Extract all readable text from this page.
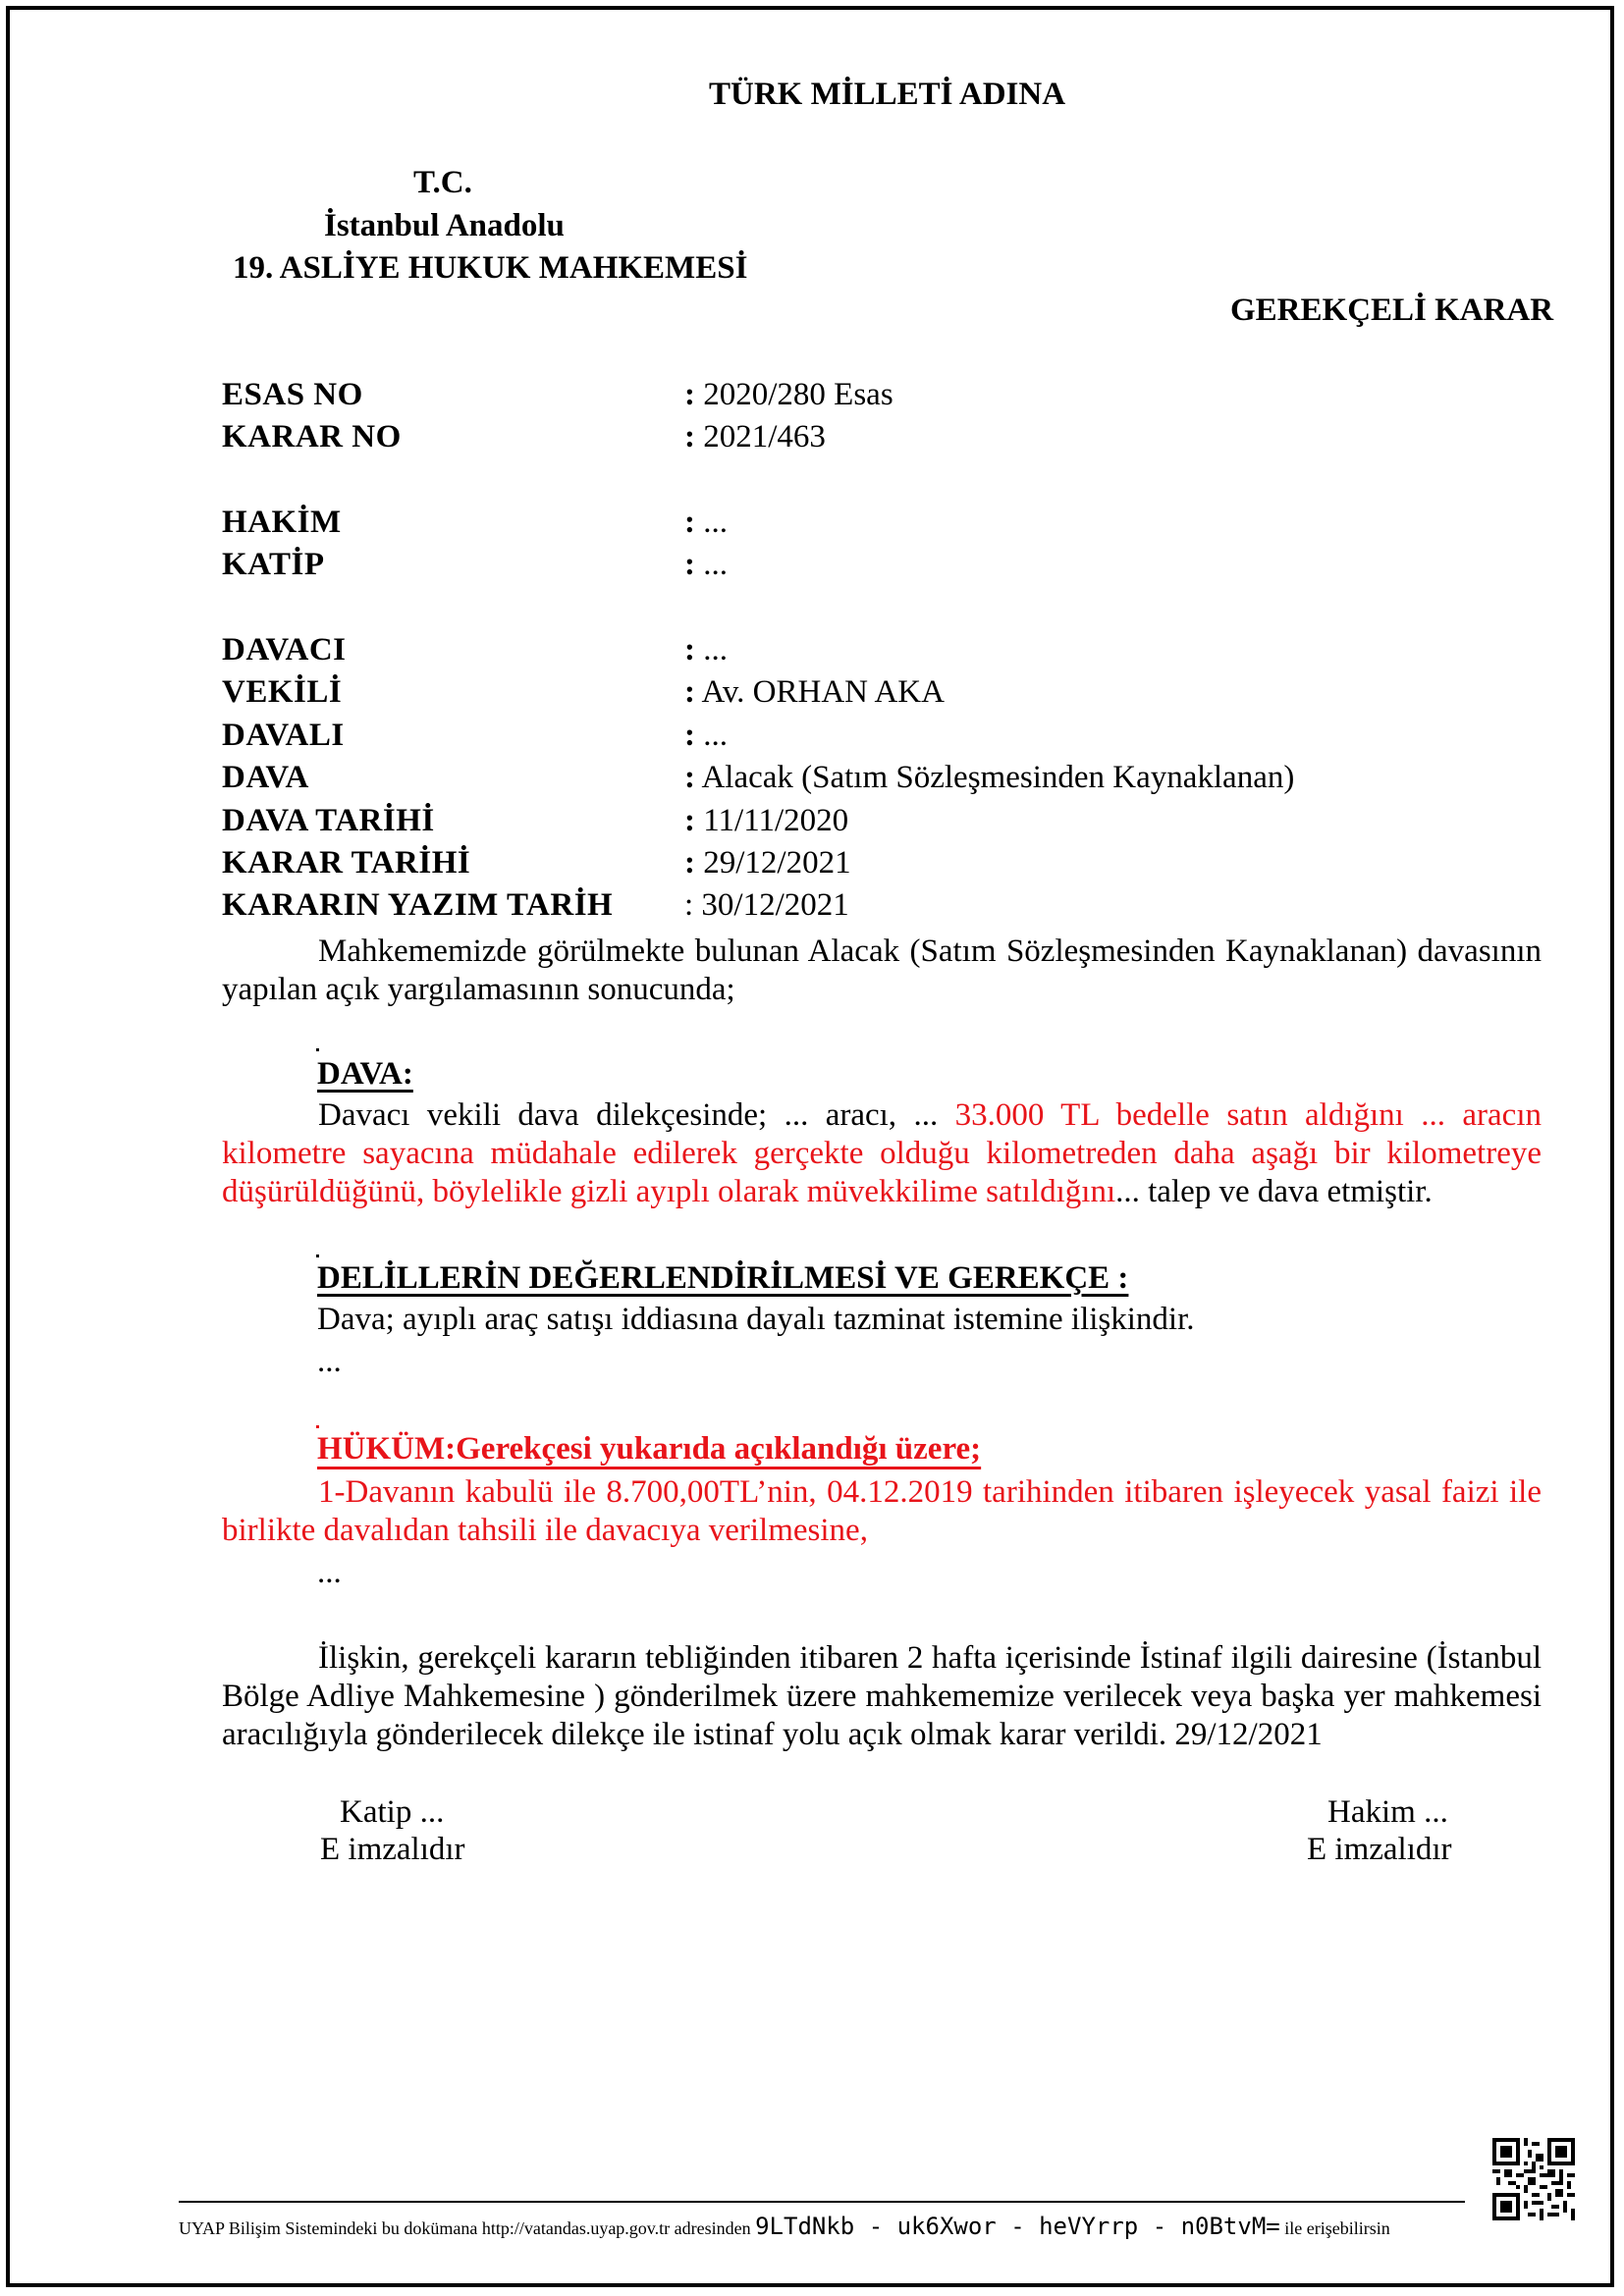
TÜRK MİLLETİ ADINA
T.C.
İstanbul Anadolu
19. ASLİYE HUKUK MAHKEMESİ
GEREKÇELİ KARAR
ESAS NO	: 2020/280 Esas
KARAR NO	: 2021/463
HAKİM	: ...
KATİP	: ...
DAVACI	: ...
VEKİLİ	: Av. ORHAN AKA
DAVALI	: ...
DAVA	: Alacak (Satım Sözleşmesinden Kaynaklanan)
DAVA TARİHİ	: 11/11/2020
KARAR TARİHİ	: 29/12/2021
KARARIN YAZIM TARİH : 30/12/2021
Mahkememizde görülmekte bulunan Alacak (Satım Sözleşmesinden Kaynaklanan) davasının yapılan açık yargılamasının sonucunda;
DAVA:
Davacı vekili dava dilekçesinde; ... aracı, ... 33.000 TL bedelle satın aldığını ... aracın kilometre sayacına müdahale edilerek gerçekte olduğu kilometreden daha aşağı bir kilometreye düşürüldüğünü, böylelikle gizli ayıplı olarak müvekkilime satıldığını... talep ve dava etmiştir.
DELİLLERİN DEĞERLENDİRİLMESİ VE GEREKÇE :
Dava; ayıplı araç satışı iddiasına dayalı tazminat istemine ilişkindir.
...
HÜKÜM:Gerekçesi yukarıda açıklandığı üzere;
1-Davanın kabulü ile 8.700,00TL’nin, 04.12.2019 tarihinden itibaren işleyecek yasal faizi ile birlikte davalıdan tahsili ile davacıya verilmesine,
...
İlişkin, gerekçeli kararın tebliğinden itibaren 2 hafta içerisinde İstinaf ilgili dairesine (İstanbul Bölge Adliye Mahkemesine ) gönderilmek üzere mahkememize verilecek veya başka yer mahkemesi aracılığıyla gönderilecek dilekçe ile istinaf yolu açık olmak karar verildi. 29/12/2021
Katip ...
E imzalıdır
Hakim ...
E imzalıdır
UYAP Bilişim Sistemindeki bu dokümana http://vatandas.uyap.gov.tr adresinden 9LTdNkb - uk6Xwor - heVYrrp - n0BtvM= ile erişebilirsin
